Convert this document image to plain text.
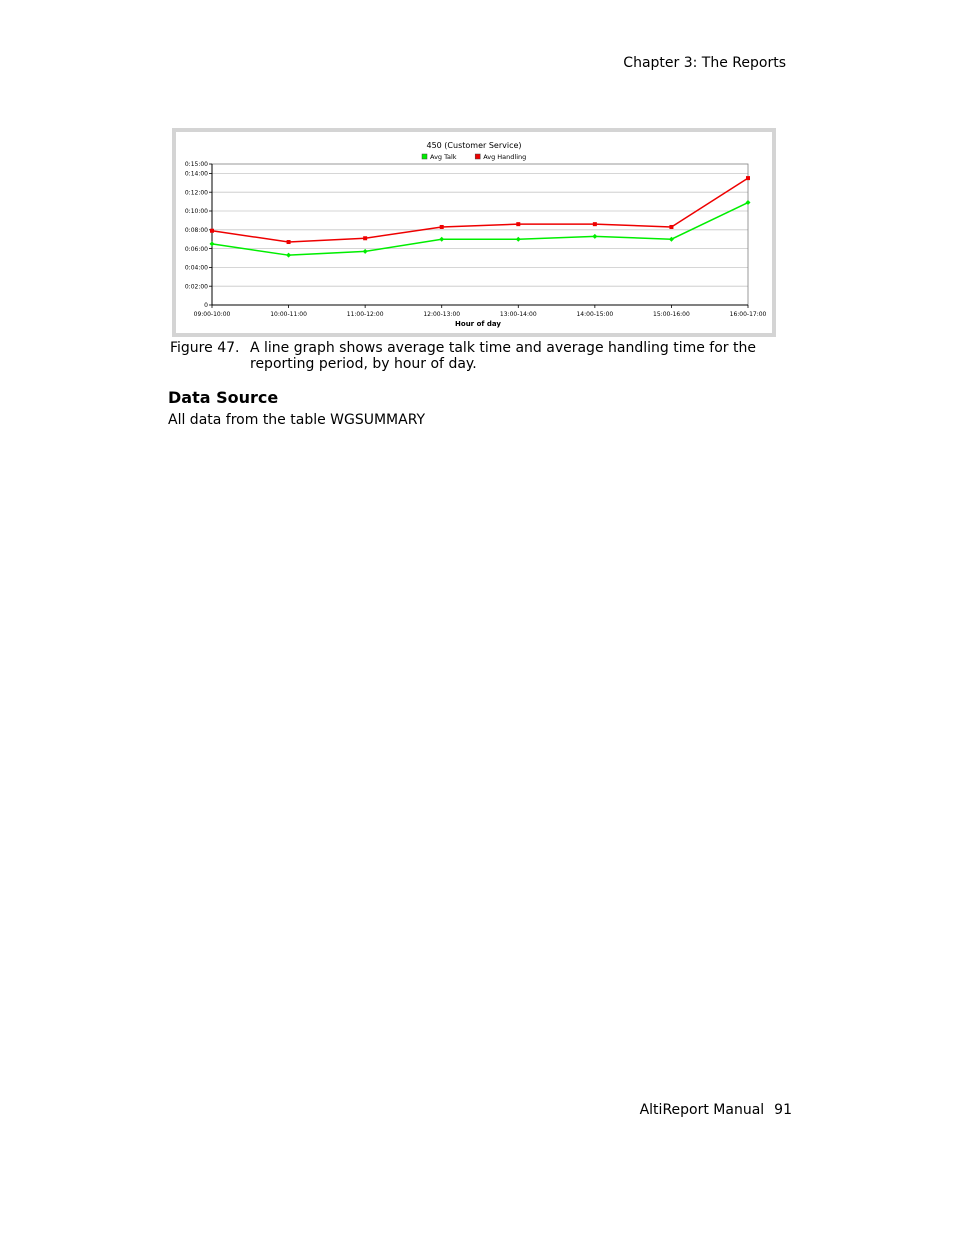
Chapter 3: The Reports
450 (Customer Service)
Avg Talk	Avg Handling
0
0:02:00
0:04:00
0:06:00
0:08:00
0:10:00
0:12:00
0:14:00
0:15:00
09:00-10:00	10:00-11:00	11:00-12:00	12:00-13:00	13:00-14:00	14:00-15:00	15:00-16:00	16:00-17:00
Hour of day
Figure 47. A line graph shows average talk time and average handling time for the reporting period, by hour of day.
Data Source
All data from the table WGSUMMARY
AltiReport Manual 91
